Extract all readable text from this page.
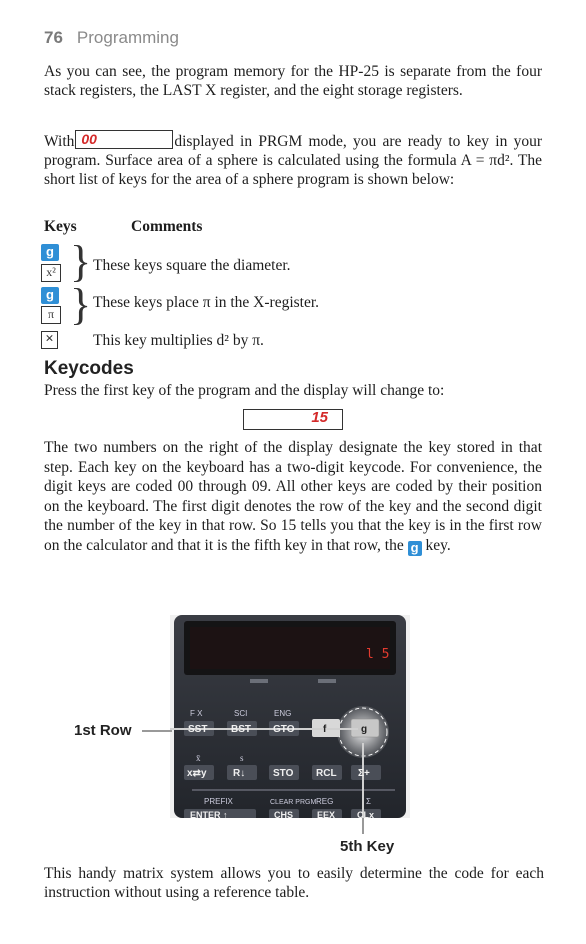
76 Programming

As you can see, the program memory for the HP-25 is separate from the four stack registers, the LAST X register, and the eight storage registers.

With 00	displayed in PRGM mode, you are ready to key in your program. Surface area of a sphere is calculated using the formula A = πd². The short list of keys for the area of a sphere program is shown below:

Keys	Comments
g
x² } These keys square the diameter.
g
π } These keys place π in the X-register.
×	This key multiplies d² by π.
Keycodes

Press the first key of the program and the display will change to:

15

The two numbers on the right of the display designate the key stored in that step. Each key on the keyboard has a two-digit keycode. For convenience, the digit keys are coded 00 through 09. All other keys are coded by their position on the keyboard. The first digit denotes the row of the key and the second digit the number of the key in that row. So 15 tells you that the key is in the first row on the calculator and that it is the fifth key in that row, the g key.

l 5
F X	SCI	ENG
SST BST GTO	f	g
x̄	s
x⇄y	R↓	STO RCL Σ+
PREFIX	CLEAR PRGM REG	Σ
ENTER ↑	CHS	EEX CLx
1st Row
5th Key

This handy matrix system allows you to easily determine the code for each instruction without using a reference table.
